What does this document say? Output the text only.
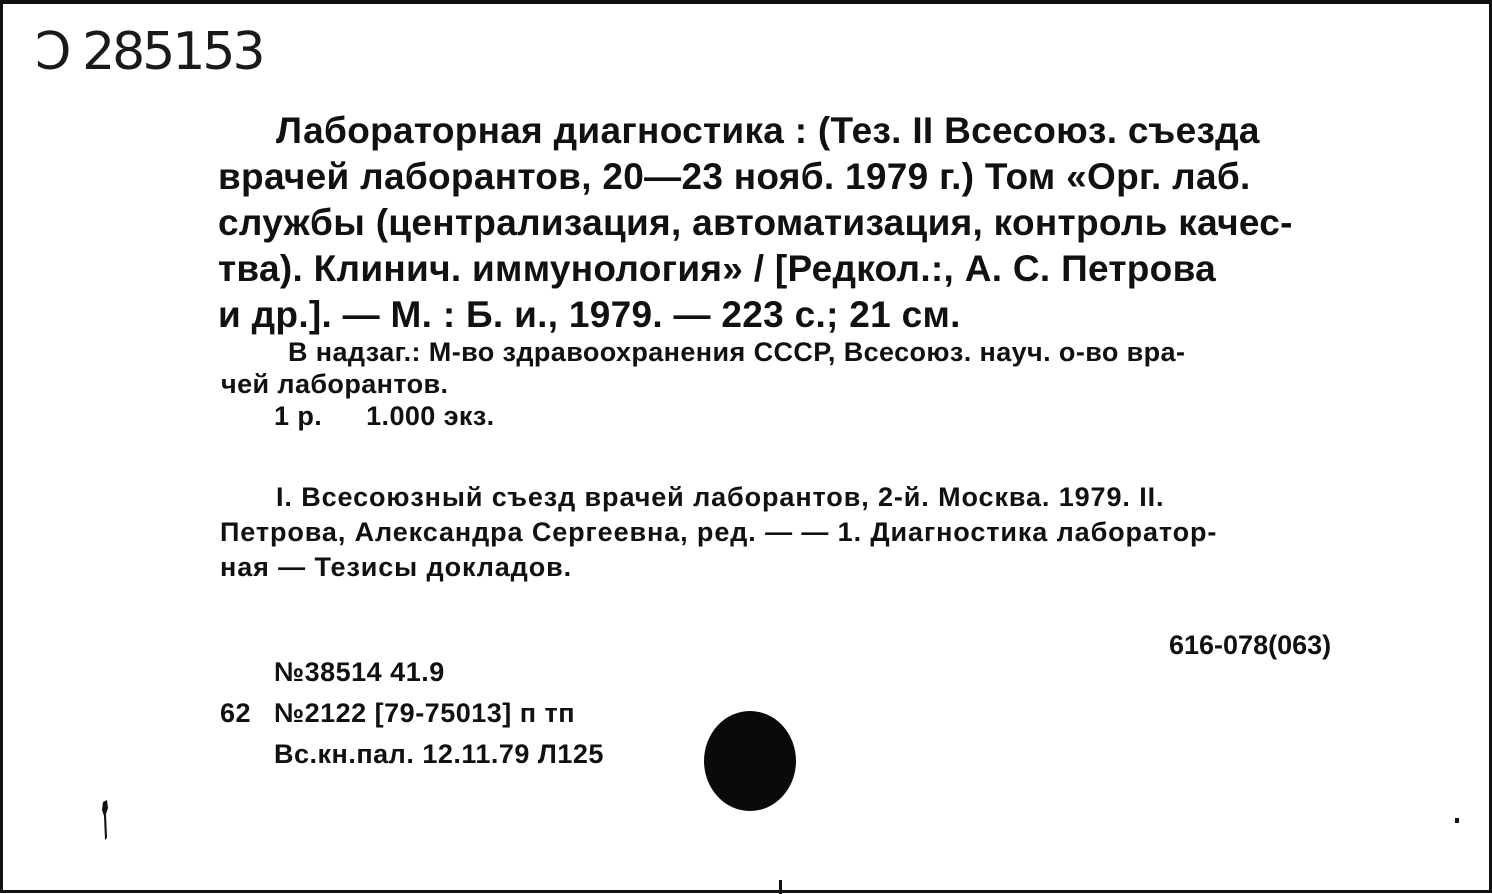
Ɔ 285153
Лабораторная диагностика : (Тез. II Всесоюз. съезда
врачей лаборантов, 20—23 нояб. 1979 г.) Том «Орг. лаб.
службы (централизация, автоматизация, контроль качес-
тва). Клинич. иммунология» / [Редкол.:, А. С. Петрова
и др.]. — М. : Б. и., 1979. — 223 с.; 21 см.
В надзаг.: М-во здравоохранения СССР, Всесоюз. науч. о-во вра-
чей лаборантов.
1 р. 1.000 экз.
I. Всесоюзный съезд врачей лаборантов, 2-й. Москва. 1979. II.
Петрова, Александра Сергеевна, ред. — — 1. Диагностика лаборатор-
ная — Тезисы докладов.
616-078(063)
№38514 41.9
62 №2122 [79-75013] п тп
Вс.кн.пал. 12.11.79 Л125
